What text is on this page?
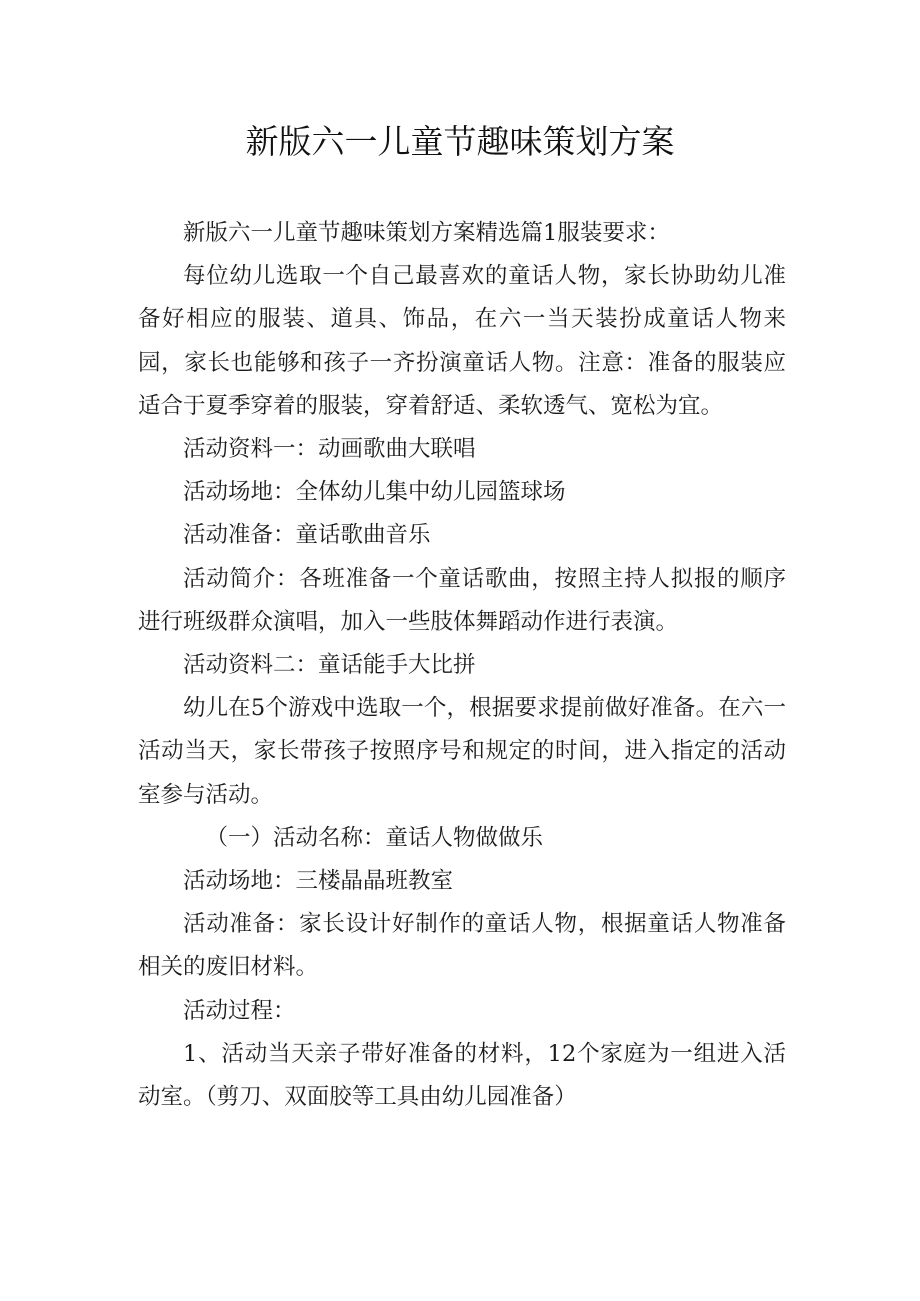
新版六一儿童节趣味策划方案

新版六一儿童节趣味策划方案精选篇1服装要求：

每位幼儿选取一个自己最喜欢的童话人物，家长协助幼儿准备好相应的服装、道具、饰品，在六一当天装扮成童话人物来园，家长也能够和孩子一齐扮演童话人物。注意：准备的服装应适合于夏季穿着的服装，穿着舒适、柔软透气、宽松为宜。

活动资料一：动画歌曲大联唱

活动场地：全体幼儿集中幼儿园篮球场

活动准备：童话歌曲音乐

活动简介：各班准备一个童话歌曲，按照主持人拟报的顺序进行班级群众演唱，加入一些肢体舞蹈动作进行表演。

活动资料二：童话能手大比拼

幼儿在5个游戏中选取一个，根据要求提前做好准备。在六一活动当天，家长带孩子按照序号和规定的时间，进入指定的活动室参与活动。

（一）活动名称：童话人物做做乐

活动场地：三楼晶晶班教室

活动准备：家长设计好制作的童话人物，根据童话人物准备相关的废旧材料。

活动过程：

1、活动当天亲子带好准备的材料，12个家庭为一组进入活动室。（剪刀、双面胶等工具由幼儿园准备）
